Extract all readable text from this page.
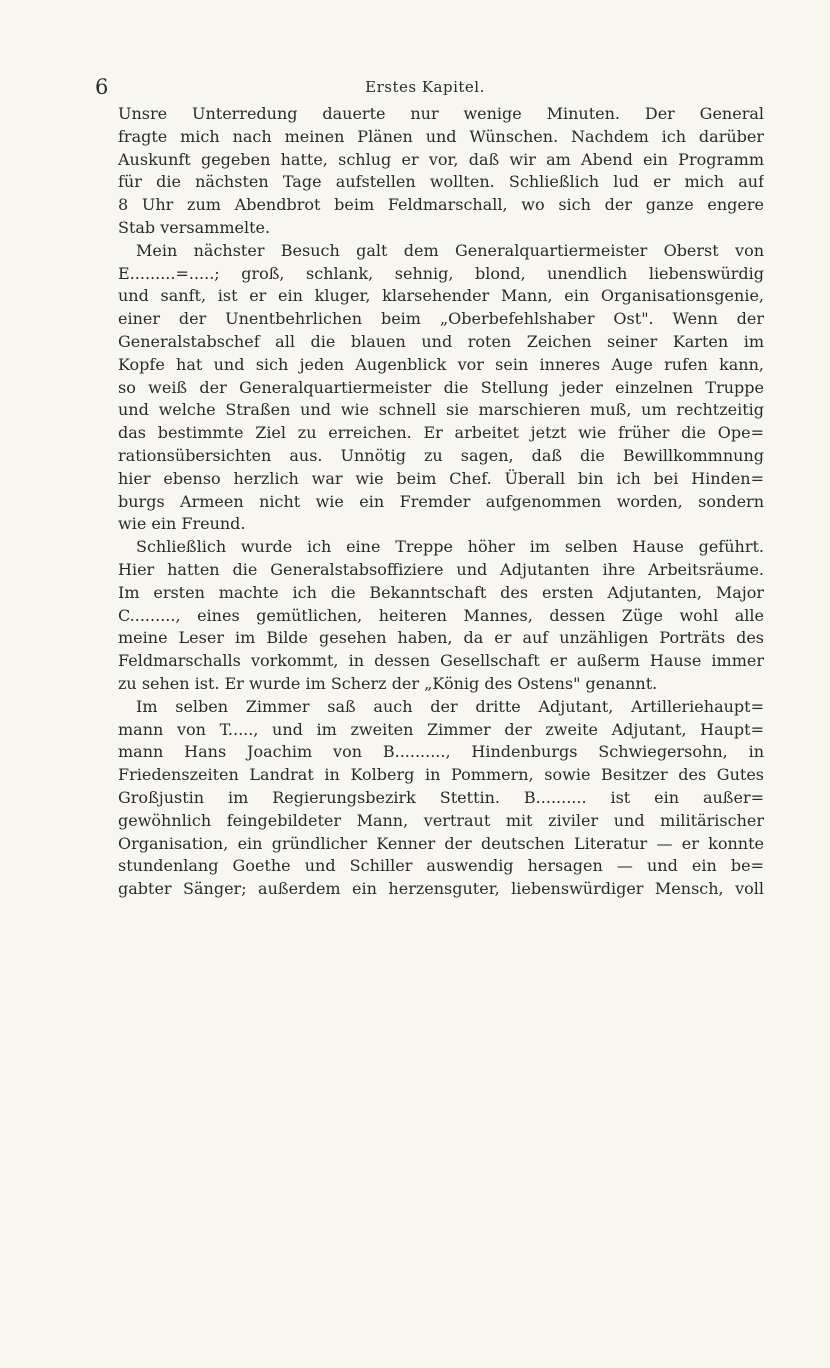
6	Erstes Kapitel.
Unsre Unterredung dauerte nur wenige Minuten. Der General
fragte mich nach meinen Plänen und Wünschen. Nachdem ich darüber
Auskunft gegeben hatte, schlug er vor, daß wir am Abend ein Programm
für die nächsten Tage aufstellen wollten. Schließlich lud er mich auf
8 Uhr zum Abendbrot beim Feldmarschall, wo sich der ganze engere
Stab versammelte.
Mein nächster Besuch galt dem Generalquartiermeister Oberst von
E.........=.....; groß, schlank, sehnig, blond, unendlich liebenswürdig
und sanft, ist er ein kluger, klarsehender Mann, ein Organisationsgenie,
einer der Unentbehrlichen beim „Oberbefehlshaber Ost". Wenn der
Generalstabschef all die blauen und roten Zeichen seiner Karten im
Kopfe hat und sich jeden Augenblick vor sein inneres Auge rufen kann,
so weiß der Generalquartiermeister die Stellung jeder einzelnen Truppe
und welche Straßen und wie schnell sie marschieren muß, um rechtzeitig
das bestimmte Ziel zu erreichen. Er arbeitet jetzt wie früher die Ope=
rationsübersichten aus. Unnötig zu sagen, daß die Bewillkommnung
hier ebenso herzlich war wie beim Chef. Überall bin ich bei Hinden=
burgs Armeen nicht wie ein Fremder aufgenommen worden, sondern
wie ein Freund.
Schließlich wurde ich eine Treppe höher im selben Hause geführt.
Hier hatten die Generalstabsoffiziere und Adjutanten ihre Arbeitsräume.
Im ersten machte ich die Bekanntschaft des ersten Adjutanten, Major
C........., eines gemütlichen, heiteren Mannes, dessen Züge wohl alle
meine Leser im Bilde gesehen haben, da er auf unzähligen Porträts des
Feldmarschalls vorkommt, in dessen Gesellschaft er außerm Hause immer
zu sehen ist. Er wurde im Scherz der „König des Ostens" genannt.
Im selben Zimmer saß auch der dritte Adjutant, Artilleriehaupt=
mann von T....., und im zweiten Zimmer der zweite Adjutant, Haupt=
mann Hans Joachim von B.........., Hindenburgs Schwiegersohn, in
Friedenszeiten Landrat in Kolberg in Pommern, sowie Besitzer des Gutes
Großjustin im Regierungsbezirk Stettin. B.......... ist ein außer=
gewöhnlich feingebildeter Mann, vertraut mit ziviler und militärischer
Organisation, ein gründlicher Kenner der deutschen Literatur — er konnte
stundenlang Goethe und Schiller auswendig hersagen — und ein be=
gabter Sänger; außerdem ein herzensguter, liebenswürdiger Mensch, voll
